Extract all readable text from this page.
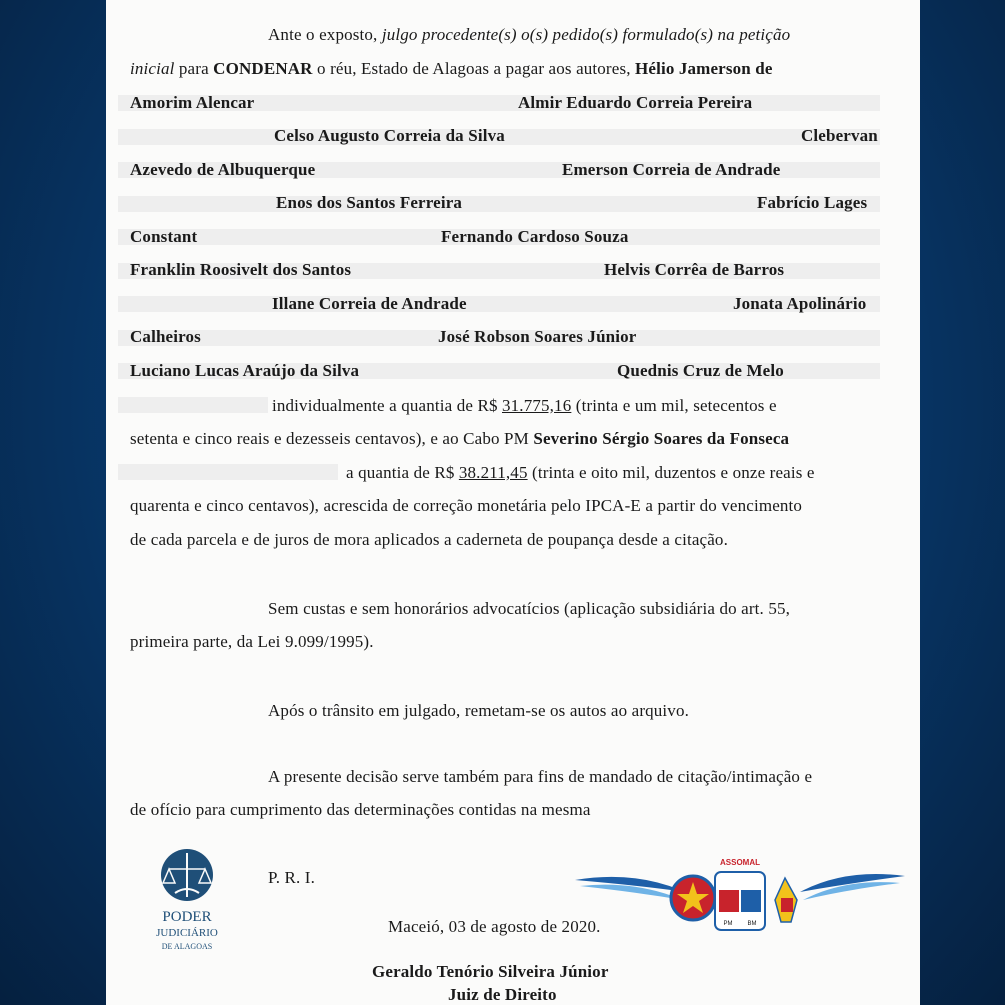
Ante o exposto, julgo procedente(s) o(s) pedido(s) formulado(s) na petição
inicial para CONDENAR o réu, Estado de Alagoas a pagar aos autores, Hélio Jamerson de
Amorim Alencar	Almir Eduardo Correia Pereira
Celso Augusto Correia da Silva	Clebervan
Azevedo de Albuquerque	Emerson Correia de Andrade
Enos dos Santos Ferreira	Fabrício Lages
Constant	Fernando Cardoso Souza
Franklin Roosivelt dos Santos	Helvis Corrêa de Barros
Illane Correia de Andrade	Jonata Apolinário
Calheiros	José Robson Soares Júnior
Luciano Lucas Araújo da Silva	Quednis Cruz de Melo
individualmente a quantia de R$ 31.775,16 (trinta e um mil, setecentos e
setenta e cinco reais e dezesseis centavos), e ao Cabo PM Severino Sérgio Soares da Fonseca
a quantia de R$ 38.211,45 (trinta e oito mil, duzentos e onze reais e
quarenta e cinco centavos), acrescida de correção monetária pelo IPCA-E a partir do vencimento
de cada parcela e de juros de mora aplicados a caderneta de poupança desde a citação.
Sem custas e sem honorários advocatícios (aplicação subsidiária do art. 55,
primeira parte, da Lei 9.099/1995).
Após o trânsito em julgado, remetam-se os autos ao arquivo.
A presente decisão serve também para fins de mandado de citação/intimação e
de ofício para cumprimento das determinações contidas na mesma
P. R. I.
Maceió, 03 de agosto de 2020.
Geraldo Tenório Silveira Júnior
Juiz de Direito
PODER
JUDICIÁRIO
DE ALAGOAS
ASSOMAL
PM	BM
